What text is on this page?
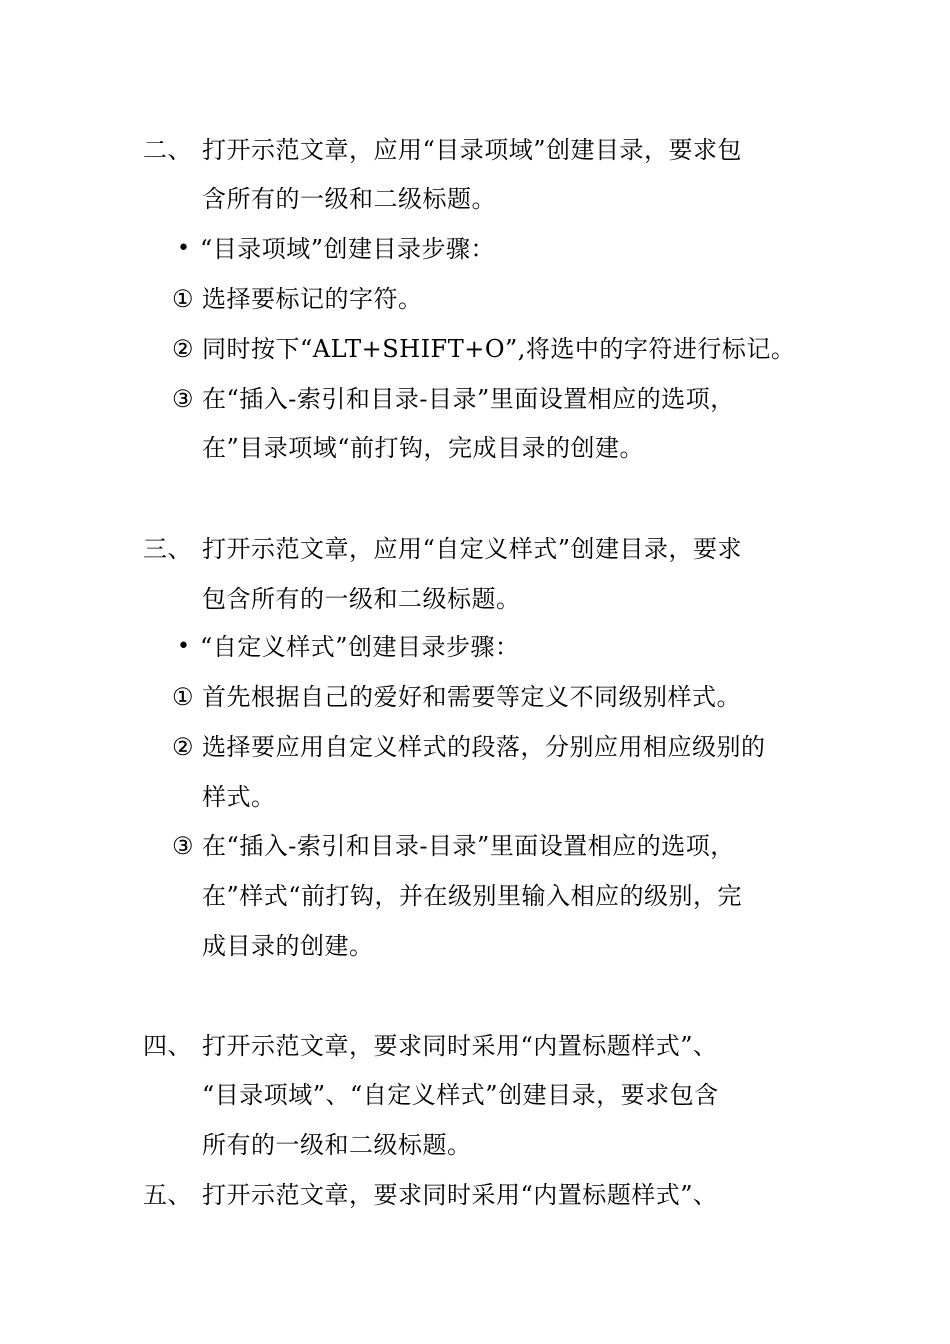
二、 打开示范文章，应用“目录项域”创建目录，要求包
含所有的一级和二级标题。
• “目录项域”创建目录步骤：
① 选择要标记的字符。
② 同时按下“ALT+SHIFT+O”,将选中的字符进行标记。
③ 在“插入-索引和目录-目录”里面设置相应的选项，
在”目录项域“前打钩，完成目录的创建。
三、 打开示范文章，应用“自定义样式”创建目录，要求
包含所有的一级和二级标题。
• “自定义样式”创建目录步骤：
① 首先根据自己的爱好和需要等定义不同级别样式。
② 选择要应用自定义样式的段落，分别应用相应级别的
样式。
③ 在“插入-索引和目录-目录”里面设置相应的选项，
在”样式“前打钩，并在级别里输入相应的级别，完
成目录的创建。
四、 打开示范文章，要求同时采用“内置标题样式”、
“目录项域”、“自定义样式”创建目录，要求包含
所有的一级和二级标题。
五、 打开示范文章，要求同时采用“内置标题样式”、
